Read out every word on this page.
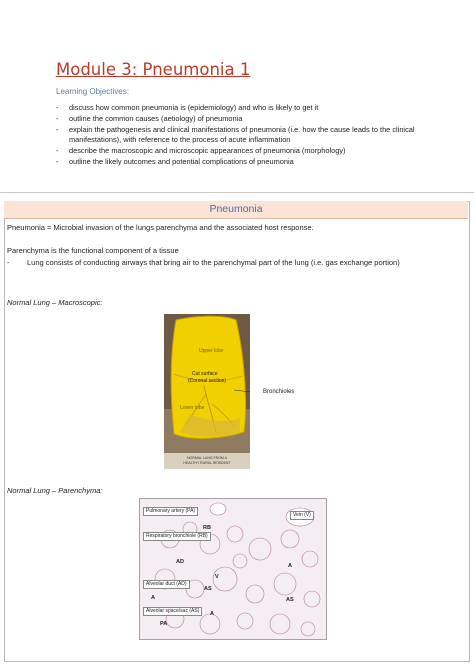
Module 3: Pneumonia 1
Learning Objectives:
-	discuss how common pneumonia is (epidemiology) and who is likely to get it
-	outline the common causes (aetiology) of pneumonia
-	explain the pathogenesis and clinical manifestations of pneumonia (i.e. how the cause leads to the clinical manifestations), with reference to the process of acute inflammation
-	describe the macroscopic and microscopic appearances of pneumonia (morphology)
-	outline the likely outcomes and potential complications of pneumonia
Pneumonia
Pneumonia = Microbial invasion of the lungs parenchyma and the associated host response.
Parenchyma is the functional component of a tissue
-	Lung consists of conducting airways that bring air to the parenchymal part of the lung (i.e. gas exchange portion)
Normal Lung – Macroscopic:
Upper lobe
Cut surface
(Coronal section)
Lower lobe
NORMAL LUNG FROM A
HEALTHY RURAL RESIDENT
Bronchioles
Normal Lung – Parenchyma:
Pulmonary artery (PA)
Vein (V)
RB
Respiratory bronchiole (RB)
AD
A
V
Alveolar duct (AD)
AS
A	AS
Alveolar space/sac (AS)	A
PA
